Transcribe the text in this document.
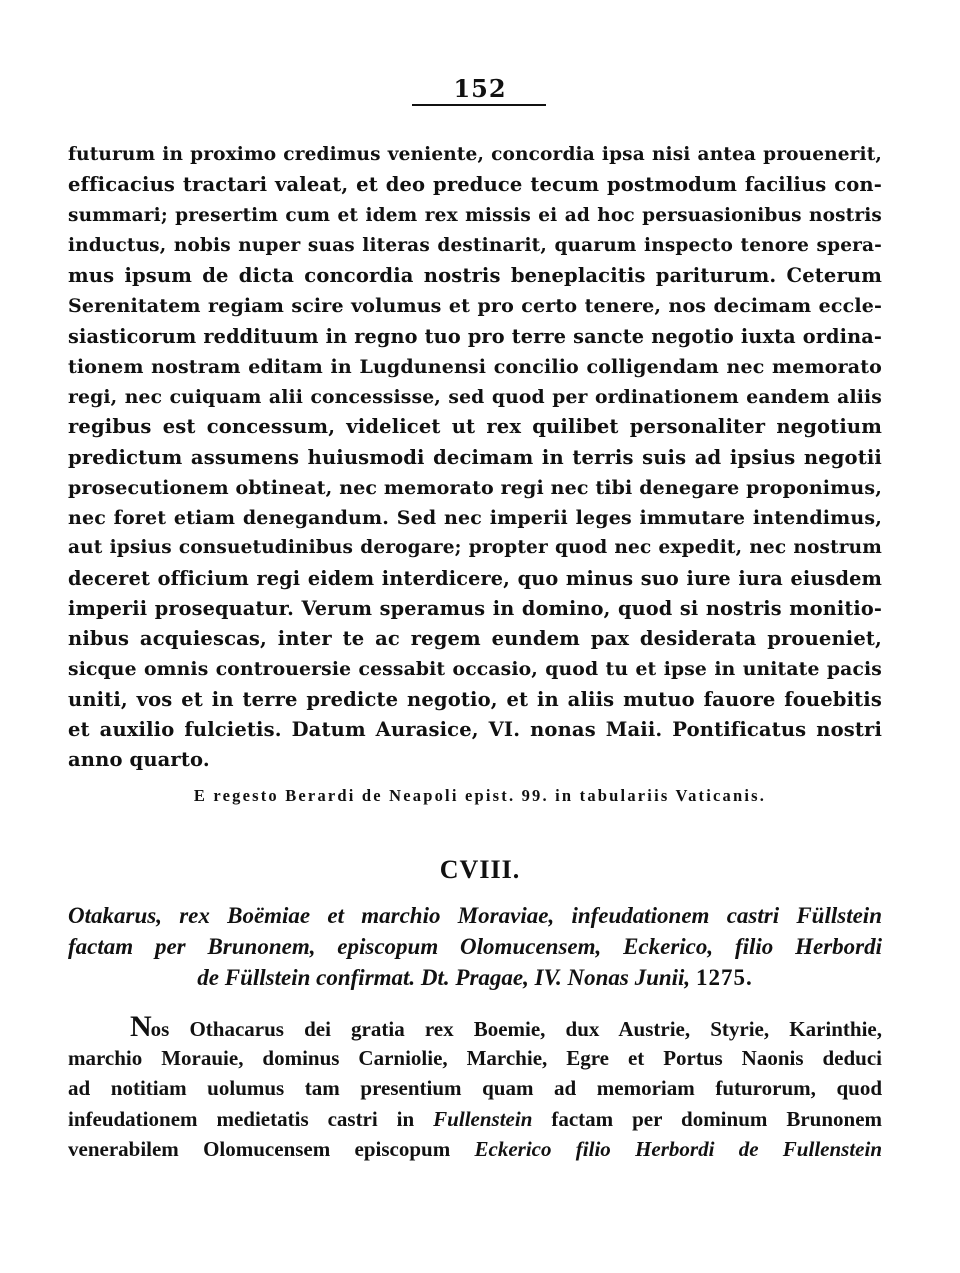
152
futurum in proximo credimus veniente, concordia ipsa nisi antea prouenerit,
efficacius tractari valeat, et deo preduce tecum postmodum facilius con-
summari; presertim cum et idem rex missis ei ad hoc persuasionibus nostris
inductus, nobis nuper suas literas destinarit, quarum inspecto tenore spera-
mus ipsum de dicta concordia nostris beneplacitis pariturum. Ceterum
Serenitatem regiam scire volumus et pro certo tenere, nos decimam eccle-
siasticorum reddituum in regno tuo pro terre sancte negotio iuxta ordina-
tionem nostram editam in Lugdunensi concilio colligendam nec memorato
regi, nec cuiquam alii concessisse, sed quod per ordinationem eandem aliis
regibus est concessum, videlicet ut rex quilibet personaliter negotium
predictum assumens huiusmodi decimam in terris suis ad ipsius negotii
prosecutionem obtineat, nec memorato regi nec tibi denegare proponimus,
nec foret etiam denegandum. Sed nec imperii leges immutare intendimus,
aut ipsius consuetudinibus derogare; propter quod nec expedit, nec nostrum
deceret officium regi eidem interdicere, quo minus suo iure iura eiusdem
imperii prosequatur. Verum speramus in domino, quod si nostris monitio-
nibus acquiescas, inter te ac regem eundem pax desiderata proueniet,
sicque omnis controuersie cessabit occasio, quod tu et ipse in unitate pacis
uniti, vos et in terre predicte negotio, et in aliis mutuo fauore fouebitis
et auxilio fulcietis. Datum Aurasice, VI. nonas Maii. Pontificatus nostri
anno quarto.

E regesto Berardi de Neapoli epist. 99. in tabulariis Vaticanis.

CVIII.
Otakarus, rex Boëmiae et marchio Moraviae, infeudationem castri Füllstein
factam per Brunonem, episcopum Olomucensem, Eckerico, filio Herbordi
de Füllstein confirmat. Dt. Pragae, IV. Nonas Junii, 1275.
Nos Othacarus dei gratia rex Boemie, dux Austrie, Styrie, Karinthie,
marchio Morauie, dominus Carniolie, Marchie, Egre et Portus Naonis deduci
ad notitiam uolumus tam presentium quam ad memoriam futurorum, quod
infeudationem medietatis castri in Fullenstein factam per dominum Brunonem
venerabilem Olomucensem episcopum Eckerico filio Herbordi de Fullenstein
